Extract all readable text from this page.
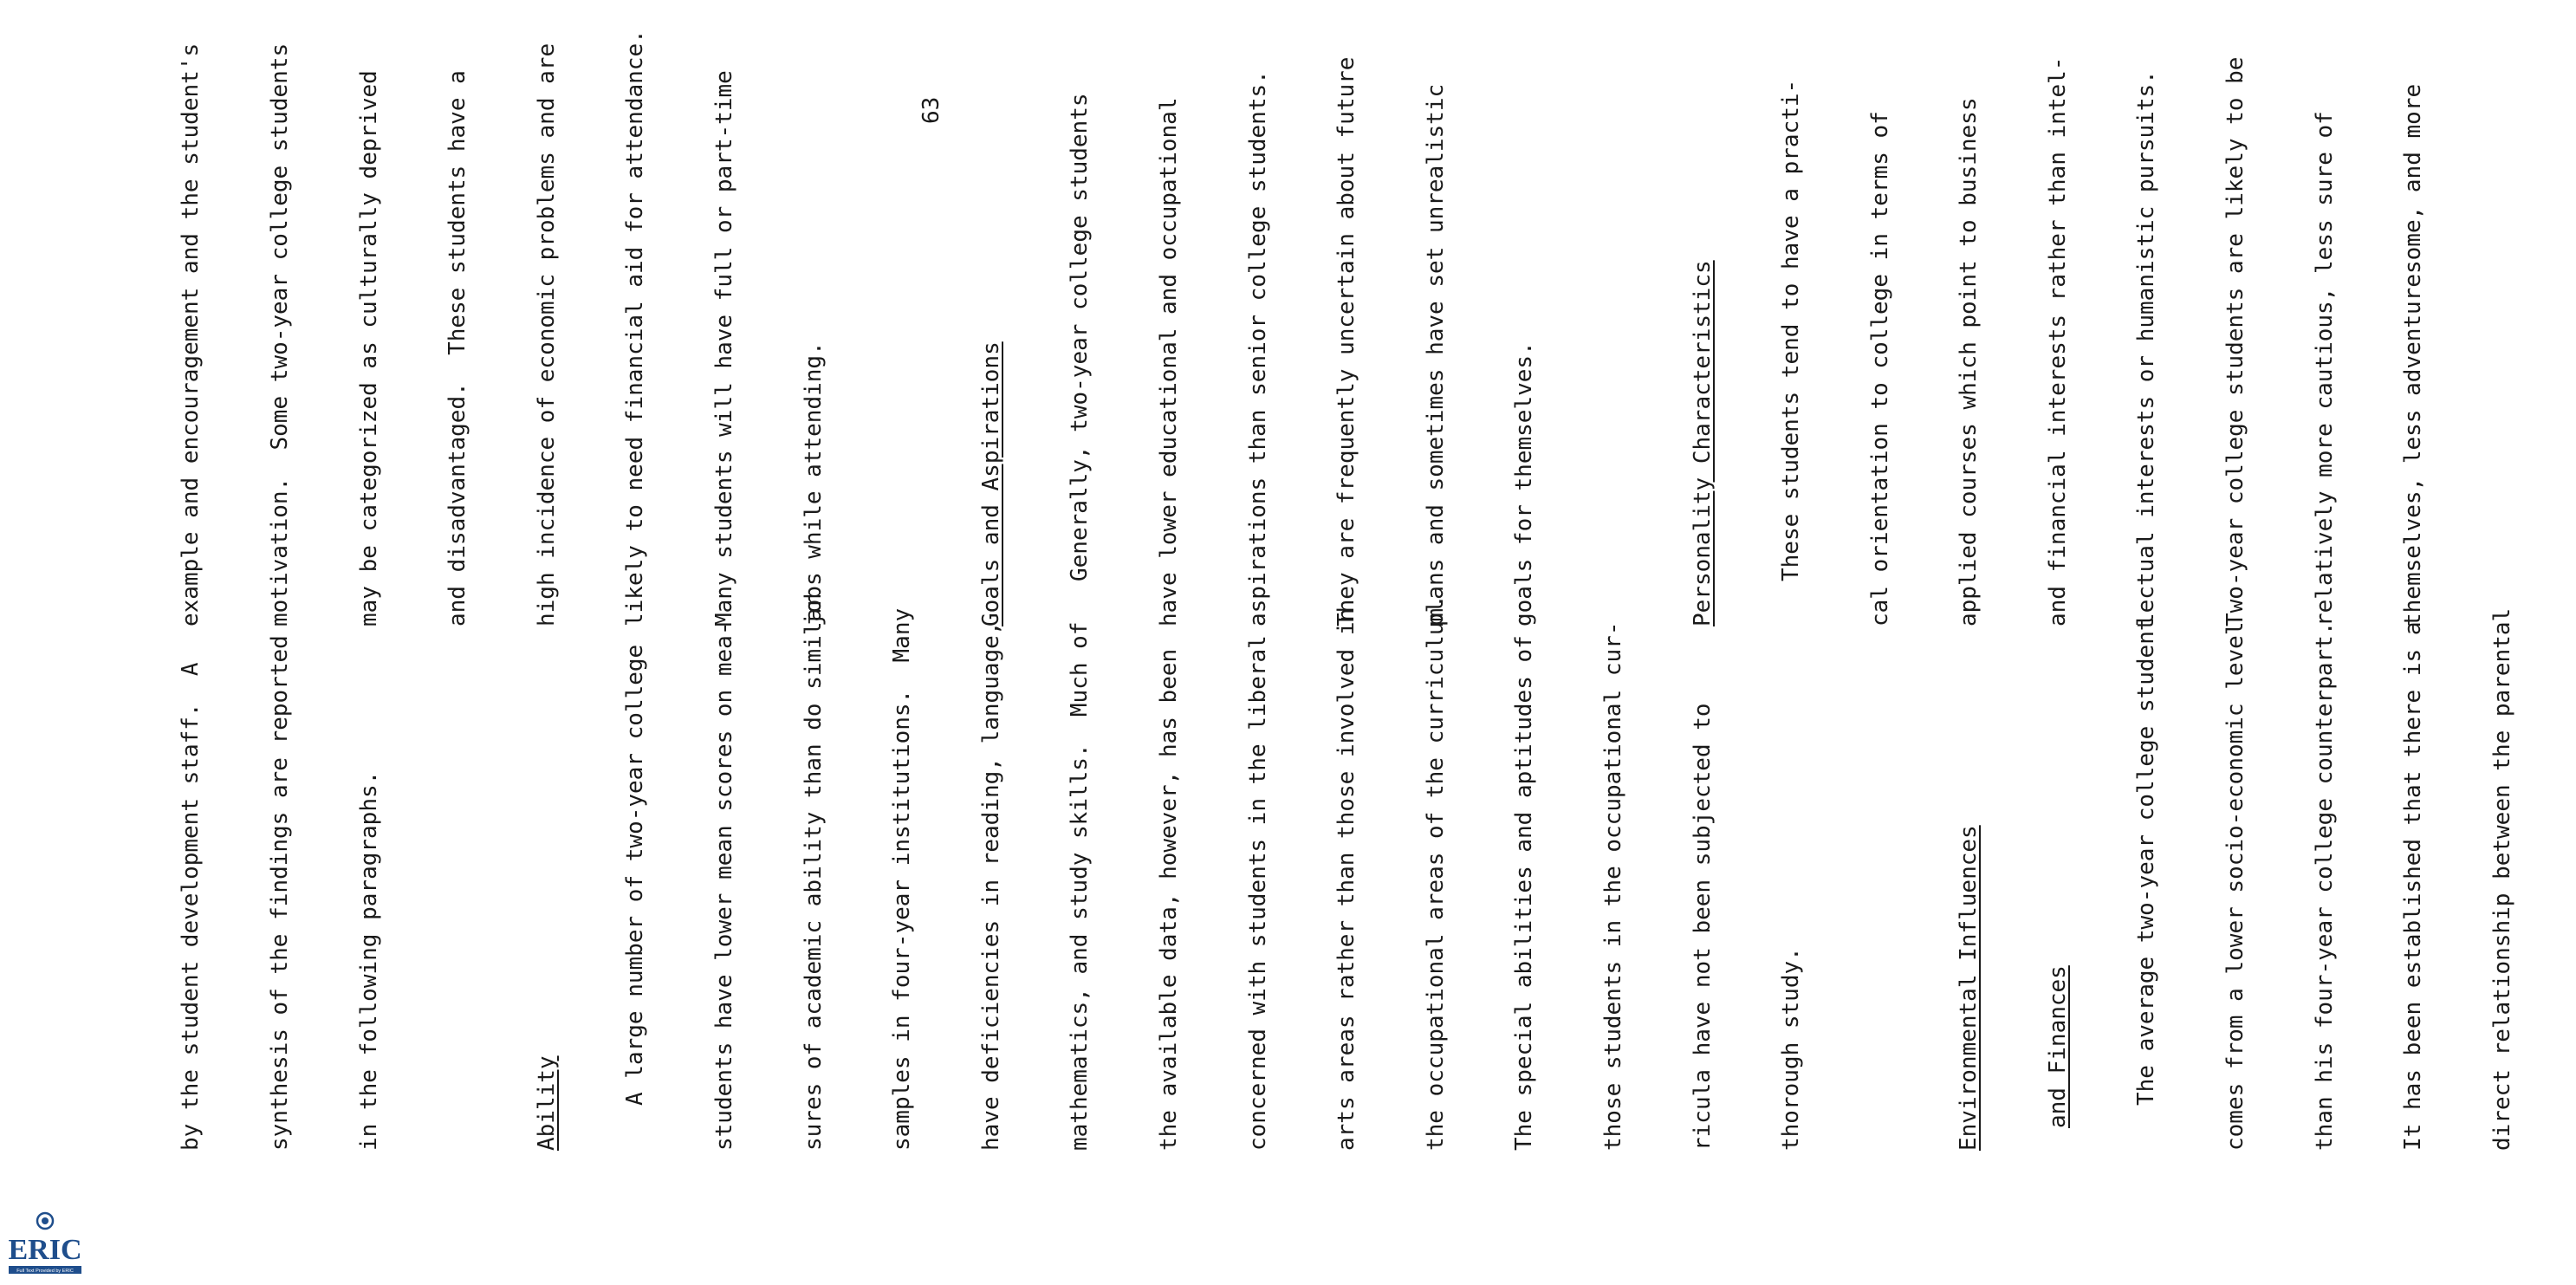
by the student development staff.  A

	synthesis of the findings are reported

	in the following paragraphs.

	Ability

	A large number of two-year college

	students have lower mean scores on mea-

	sures of academic ability than do similar

	samples in four-year institutions.  Many

	have deficiencies in reading, language,

	mathematics, and study skills.  Much of

	the available data, however, has been

	concerned with students in the liberal

	arts areas rather than those involved in

	the occupational areas of the curriculum.

	The special abilities and aptitudes of

	those students in the occupational cur-

	ricula have not been subjected to

	thorough study.

	Environmental Influences

	and Finances

	The average two-year college student

	comes from a lower socio-economic level

	than his four-year college counterpart.

	It has been established that there is a

	direct relationship between the parental

example and encouragement and the student's

	motivation.  Some two-year college students

	may be categorized as culturally deprived

	and disadvantaged.  These students have a

	high incidence of economic problems and are

	likely to need financial aid for attendance.

	Many students will have full or part-time

	jobs while attending.

	Goals and Aspirations

	Generally, two-year college students

	have lower educational and occupational

	aspirations than senior college students.

	They are frequently uncertain about future

	plans and sometimes have set unrealistic

	goals for themselves.

	Personality Characteristics

	These students tend to have a practi-

	cal orientation to college in terms of

	applied courses which point to business

	and financial interests rather than intel-

	lectual interests or humanistic pursuits.

	Two-year college students are likely to be

	relatively more cautious, less sure of

	themselves, less adventuresome, and more

63
ERIC
Full Text Provided by ERIC
